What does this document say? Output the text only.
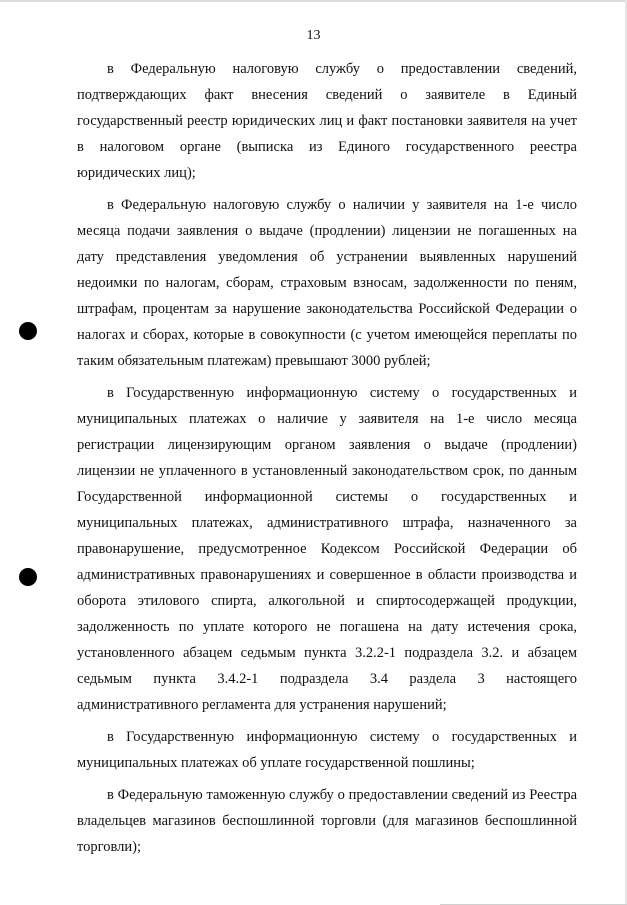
13

в Федеральную налоговую службу о предоставлении сведений, подтверждающих факт внесения сведений о заявителе в Единый государственный реестр юридических лиц и факт постановки заявителя на учет в налоговом органе (выписка из Единого государственного реестра юридических лиц);

в Федеральную налоговую службу о наличии у заявителя на 1-е число месяца подачи заявления о выдаче (продлении) лицензии не погашенных на дату представления уведомления об устранении выявленных нарушений недоимки по налогам, сборам, страховым взносам, задолженности по пеням, штрафам, процентам за нарушение законодательства Российской Федерации о налогах и сборах, которые в совокупности (с учетом имеющейся переплаты по таким обязательным платежам) превышают 3000 рублей;

в Государственную информационную систему о государственных и муниципальных платежах о наличие у заявителя на 1-е число месяца регистрации лицензирующим органом заявления о выдаче (продлении) лицензии не уплаченного в установленный законодательством срок, по данным Государственной информационной системы о государственных и муниципальных платежах, административного штрафа, назначенного за правонарушение, предусмотренное Кодексом Российской Федерации об административных правонарушениях и совершенное в области производства и оборота этилового спирта, алкогольной и спиртосодержащей продукции, задолженность по уплате которого не погашена на дату истечения срока, установленного абзацем седьмым пункта 3.2.2-1 подраздела 3.2. и абзацем седьмым пункта 3.4.2-1 подраздела 3.4 раздела 3 настоящего административного регламента для устранения нарушений;

в Государственную информационную систему о государственных и муниципальных платежах об уплате государственной пошлины;

в Федеральную таможенную службу о предоставлении сведений из Реестра владельцев магазинов беспошлинной торговли (для магазинов беспошлинной торговли);
